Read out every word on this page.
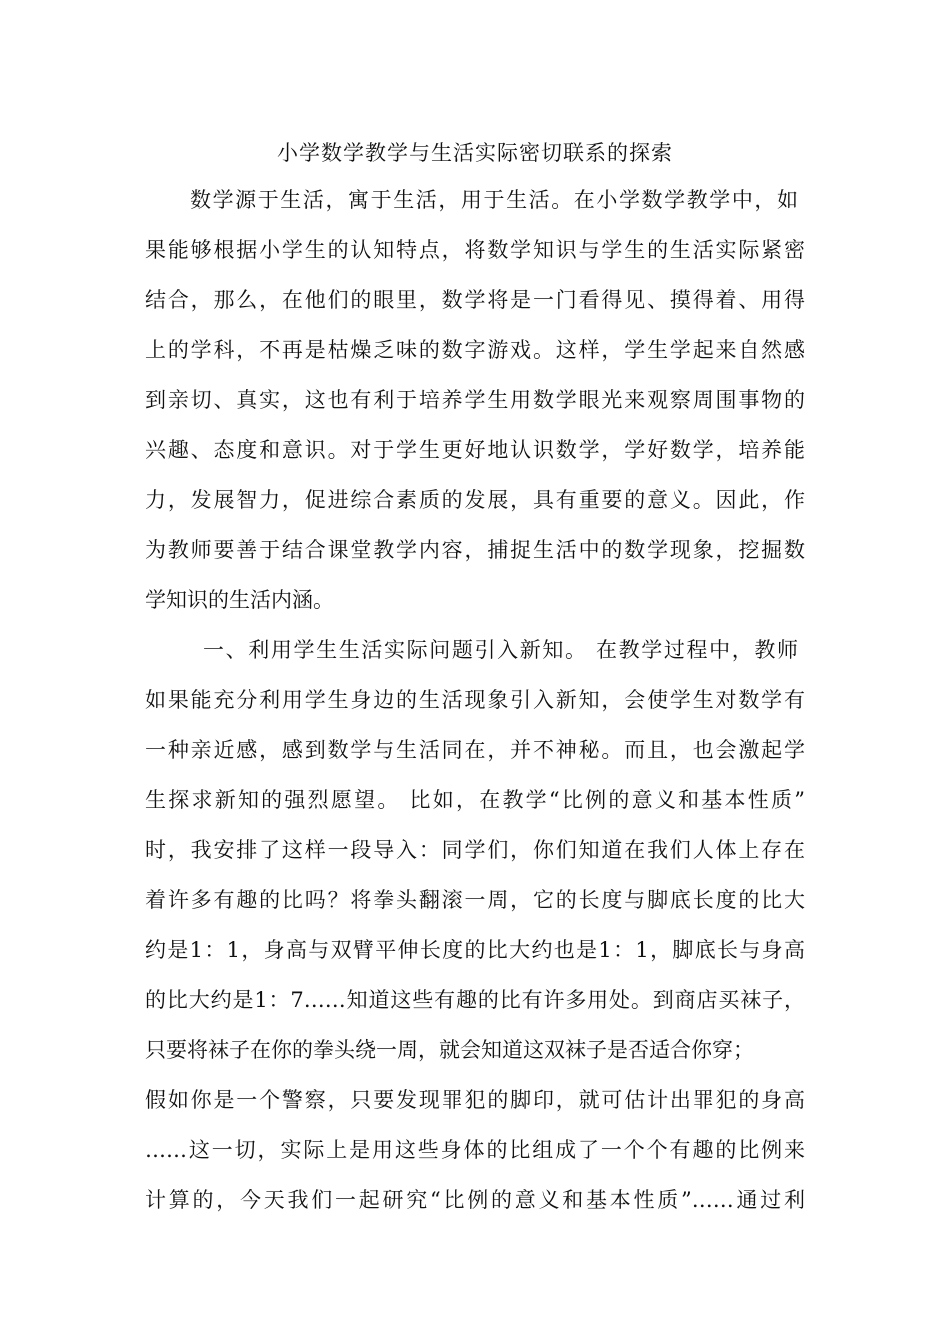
小学数学教学与生活实际密切联系的探索
数学源于生活，寓于生活，用于生活。在小学数学教学中，如
果能够根据小学生的认知特点，将数学知识与学生的生活实际紧密
结合，那么，在他们的眼里，数学将是一门看得见、摸得着、用得
上的学科，不再是枯燥乏味的数字游戏。这样，学生学起来自然感
到亲切、真实，这也有利于培养学生用数学眼光来观察周围事物的
兴趣、态度和意识。对于学生更好地认识数学，学好数学，培养能
力，发展智力，促进综合素质的发展，具有重要的意义。因此，作
为教师要善于结合课堂教学内容，捕捉生活中的数学现象，挖掘数
学知识的生活内涵。
一、利用学生生活实际问题引入新知。 在教学过程中，教师
如果能充分利用学生身边的生活现象引入新知，会使学生对数学有
一种亲近感，感到数学与生活同在，并不神秘。而且，也会激起学
生探求新知的强烈愿望。 比如，在教学“比例的意义和基本性质”
时，我安排了这样一段导入：同学们，你们知道在我们人体上存在
着许多有趣的比吗？将拳头翻滚一周，它的长度与脚底长度的比大
约是1：1，身高与双臂平伸长度的比大约也是1：1，脚底长与身高
的比大约是1：7……知道这些有趣的比有许多用处。到商店买袜子，
只要将袜子在你的拳头绕一周，就会知道这双袜子是否适合你穿；
假如你是一个警察，只要发现罪犯的脚印，就可估计出罪犯的身高
……这一切，实际上是用这些身体的比组成了一个个有趣的比例来
计算的，今天我们一起研究“比例的意义和基本性质”……通过利
